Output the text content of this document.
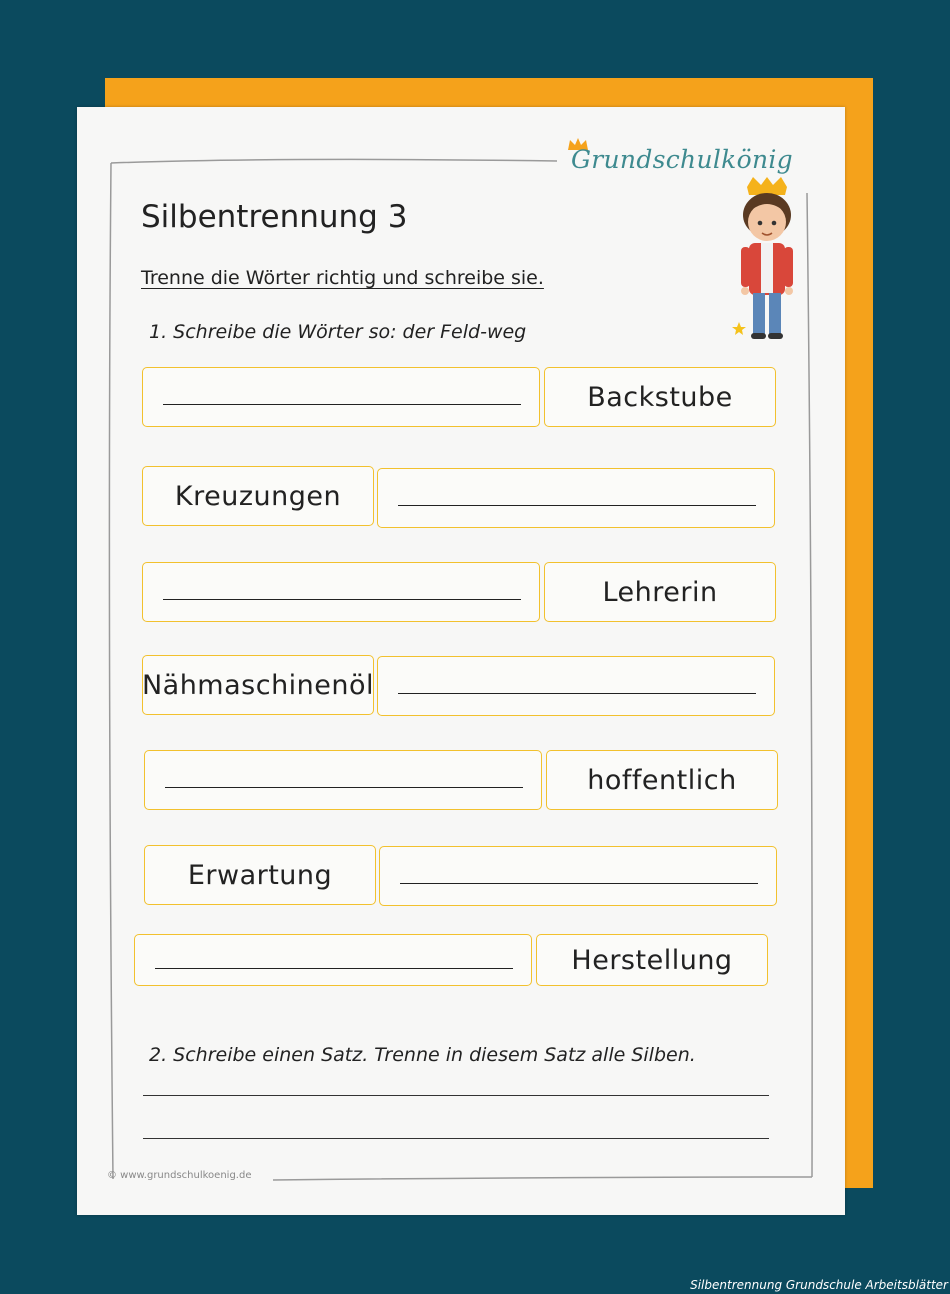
Grundschulkönig
Silbentrennung 3
Trenne die Wörter richtig und schreibe sie.
1. Schreibe die Wörter so: der Feld-weg
Backstube
Kreuzungen
Lehrerin
Nähmaschinenöl
hoffentlich
Erwartung
Herstellung
2. Schreibe einen Satz. Trenne in diesem Satz alle Silben.
© www.grundschulkoenig.de
Silbentrennung Grundschule Arbeitsblätter
